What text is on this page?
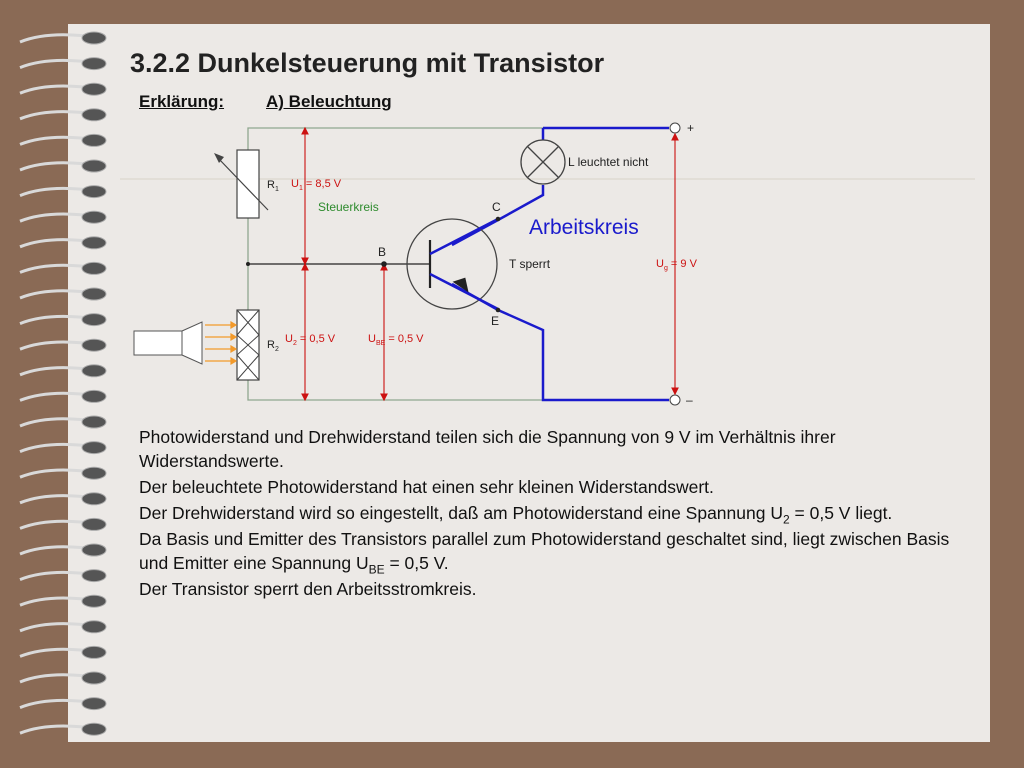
3.2.2 Dunkelsteuerung mit Transistor
Erklärung: A) Beleuchtung
L leuchtet nicht
+
–
$R_1$
$R_2$
$U_1 = 8,5$ V
$U_2 = 0,5$ V	$U_{BE} = 0,5$ V
$U_g = 9$ V
Steuerkreis
Arbeitskreis
C
B
E
T sperrt

Photowiderstand und Drehwiderstand teilen sich die Spannung von 9 V im Verhältnis ihrer Widerstandswerte.

Der beleuchtete Photowiderstand hat einen sehr kleinen Widerstandswert.

Der Drehwiderstand wird so eingestellt, daß am Photowiderstand eine Spannung $U_2 = 0,5$ V liegt.

Da Basis und Emitter des Transistors parallel zum Photowiderstand geschaltet sind, liegt zwischen Basis und Emitter eine Spannung $U_{BE} = 0,5$ V.

Der Transistor sperrt den Arbeitsstromkreis.
